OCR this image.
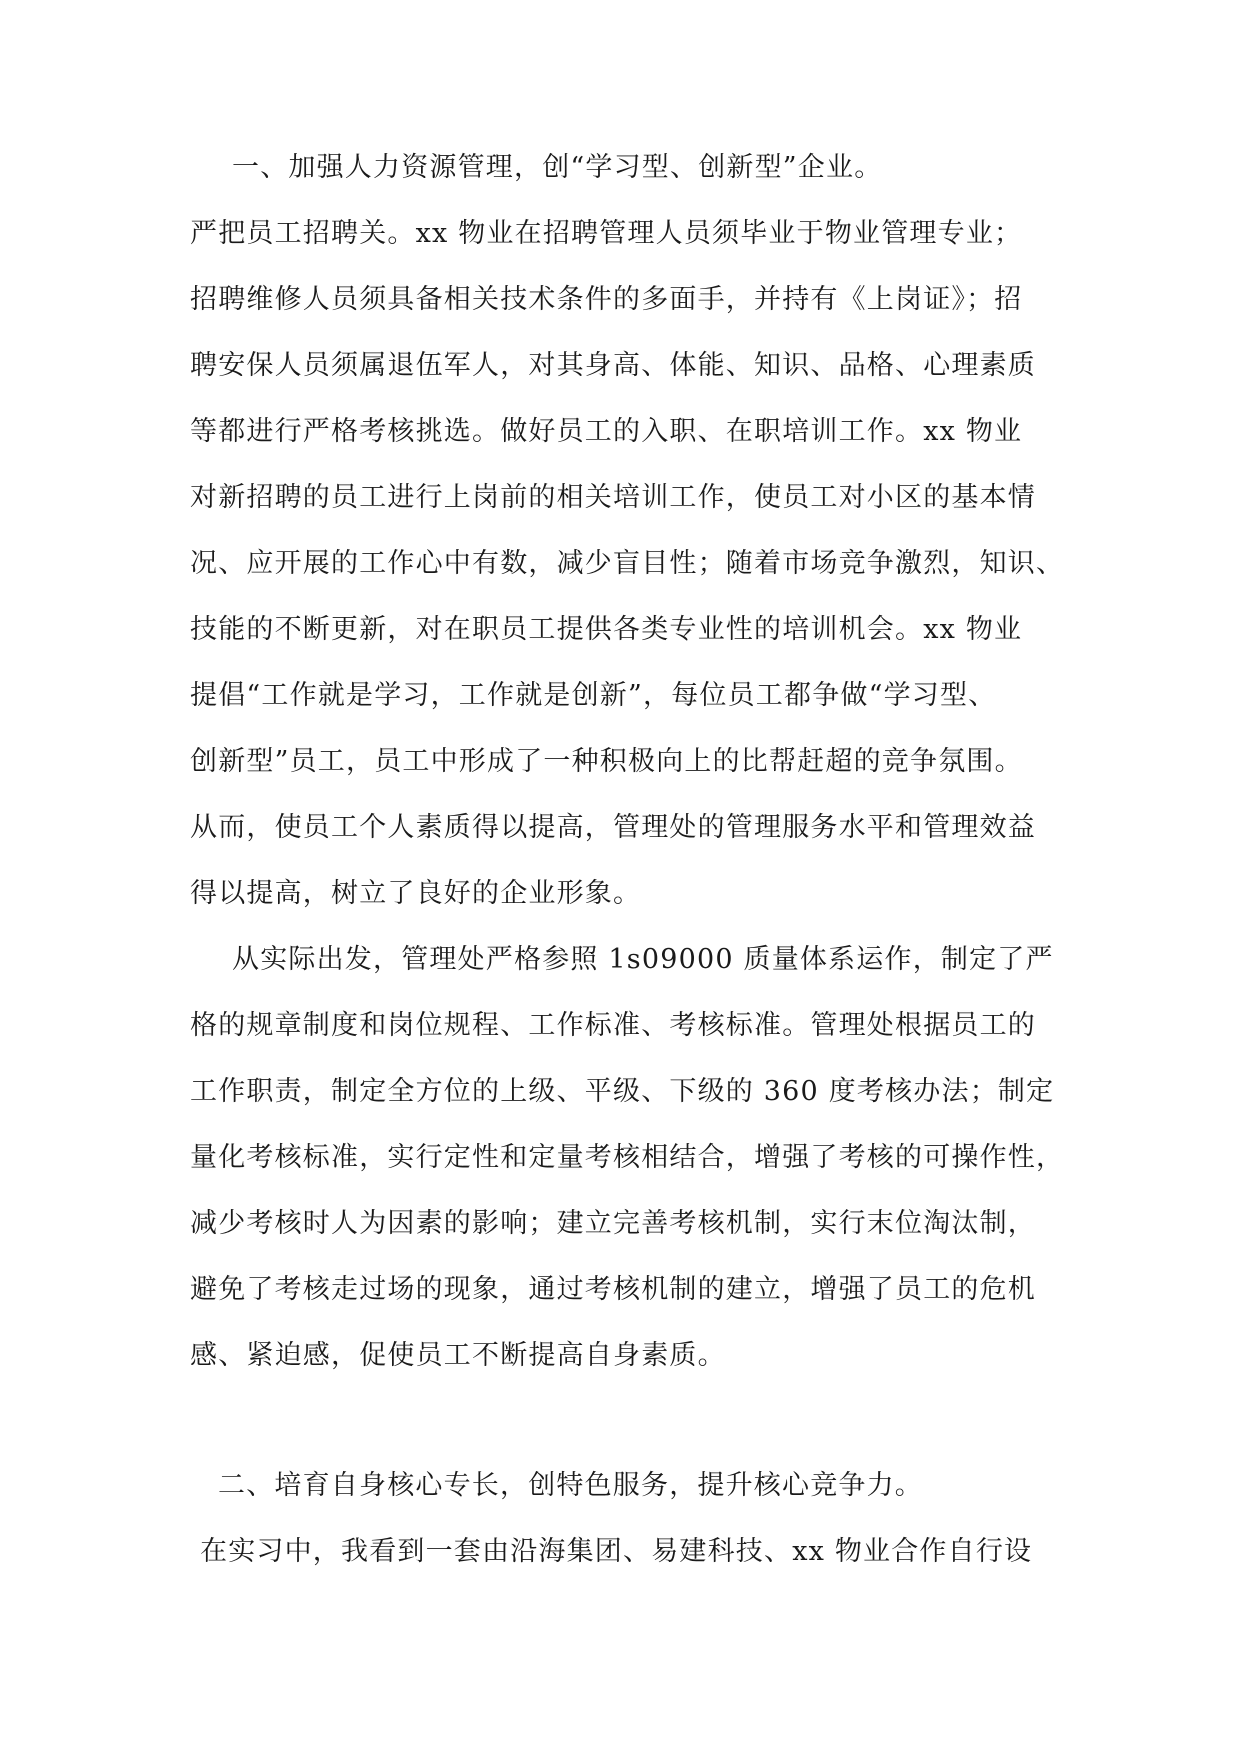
一、加强人力资源管理，创“学习型、创新型”企业。

严把员工招聘关。xx 物业在招聘管理人员须毕业于物业管理专业；

招聘维修人员须具备相关技术条件的多面手，并持有《上岗证》；招

聘安保人员须属退伍军人，对其身高、体能、知识、品格、心理素质

等都进行严格考核挑选。做好员工的入职、在职培训工作。xx 物业

对新招聘的员工进行上岗前的相关培训工作，使员工对小区的基本情

况、应开展的工作心中有数，减少盲目性；随着市场竞争激烈，知识、

技能的不断更新，对在职员工提供各类专业性的培训机会。xx 物业

提倡“工作就是学习，工作就是创新”，每位员工都争做“学习型、

创新型”员工，员工中形成了一种积极向上的比帮赶超的竞争氛围。

从而，使员工个人素质得以提高，管理处的管理服务水平和管理效益

得以提高，树立了良好的企业形象。

从实际出发，管理处严格参照 1s09000 质量体系运作，制定了严

格的规章制度和岗位规程、工作标准、考核标准。管理处根据员工的

工作职责，制定全方位的上级、平级、下级的 360 度考核办法；制定

量化考核标准，实行定性和定量考核相结合，增强了考核的可操作性，

减少考核时人为因素的影响；建立完善考核机制，实行末位淘汰制，

避免了考核走过场的现象，通过考核机制的建立，增强了员工的危机

感、紧迫感，促使员工不断提高自身素质。

二、培育自身核心专长，创特色服务，提升核心竞争力。

在实习中，我看到一套由沿海集团、易建科技、xx 物业合作自行设
